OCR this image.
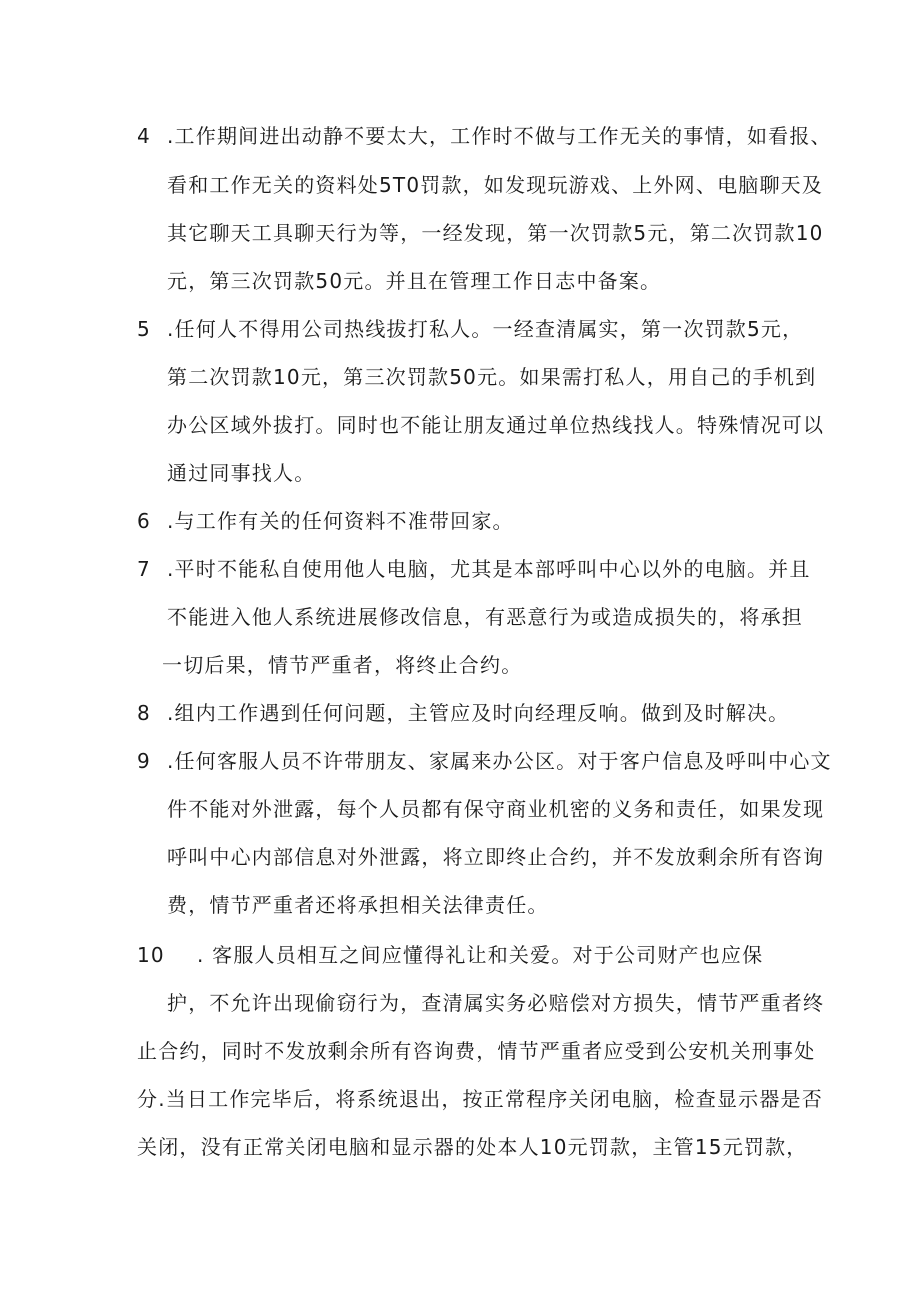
4 .工作期间进出动静不要太大，工作时不做与工作无关的事情，如看报、
看和工作无关的资料处5T0罚款，如发现玩游戏、上外网、电脑聊天及
其它聊天工具聊天行为等，一经发现，第一次罚款5元，第二次罚款10
元，第三次罚款50元。并且在管理工作日志中备案。
5 .任何人不得用公司热线拔打私人。一经查清属实，第一次罚款5元，
第二次罚款10元，第三次罚款50元。如果需打私人，用自己的手机到
办公区域外拔打。同时也不能让朋友通过单位热线找人。特殊情况可以
通过同事找人。
6 .与工作有关的任何资料不准带回家。
7 .平时不能私自使用他人电脑，尤其是本部呼叫中心以外的电脑。并且
不能进入他人系统进展修改信息，有恶意行为或造成损失的，将承担
一切后果，情节严重者，将终止合约。
8 .组内工作遇到任何问题，主管应及时向经理反响。做到及时解决。
9 .任何客服人员不许带朋友、家属来办公区。对于客户信息及呼叫中心文
件不能对外泄露，每个人员都有保守商业机密的义务和责任，如果发现
呼叫中心内部信息对外泄露，将立即终止合约，并不发放剩余所有咨询
费，情节严重者还将承担相关法律责任。
10 . 客服人员相互之间应懂得礼让和关爱。对于公司财产也应保
护，不允许出现偷窃行为，查清属实务必赔偿对方损失，情节严重者终
止合约，同时不发放剩余所有咨询费，情节严重者应受到公安机关刑事处
分.当日工作完毕后，将系统退出，按正常程序关闭电脑，检查显示器是否
关闭，没有正常关闭电脑和显示器的处本人10元罚款，主管15元罚款，
